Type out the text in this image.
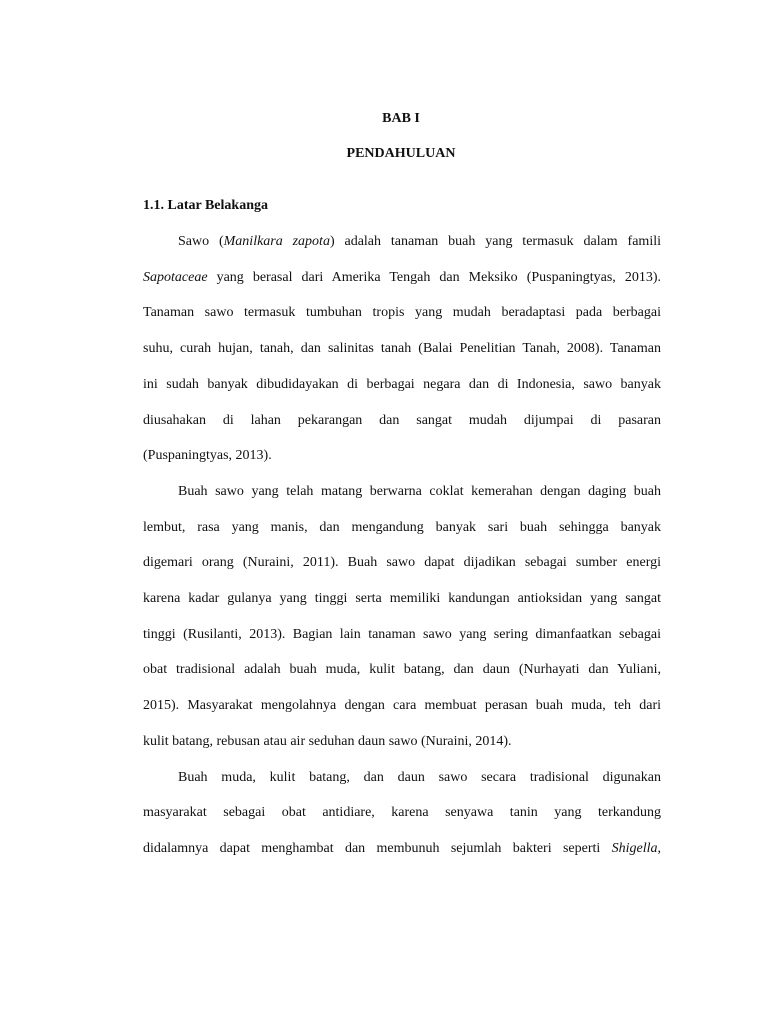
BAB I
PENDAHULUAN
1.1. Latar Belakanga
Sawo (Manilkara zapota) adalah tanaman buah yang termasuk dalam famili
Sapotaceae yang berasal dari Amerika Tengah dan Meksiko (Puspaningtyas, 2013).
Tanaman sawo termasuk tumbuhan tropis yang mudah beradaptasi pada berbagai
suhu, curah hujan, tanah, dan salinitas tanah (Balai Penelitian Tanah, 2008). Tanaman
ini sudah banyak dibudidayakan di berbagai negara dan di Indonesia, sawo banyak
diusahakan di lahan pekarangan dan sangat mudah dijumpai di pasaran
(Puspaningtyas, 2013).
Buah sawo yang telah matang berwarna coklat kemerahan dengan daging buah
lembut, rasa yang manis, dan mengandung banyak sari buah sehingga banyak
digemari orang (Nuraini, 2011). Buah sawo dapat dijadikan sebagai sumber energi
karena kadar gulanya yang tinggi serta memiliki kandungan antioksidan yang sangat
tinggi (Rusilanti, 2013). Bagian lain tanaman sawo yang sering dimanfaatkan sebagai
obat tradisional adalah buah muda, kulit batang, dan daun (Nurhayati dan Yuliani,
2015). Masyarakat mengolahnya dengan cara membuat perasan buah muda, teh dari
kulit batang, rebusan atau air seduhan daun sawo (Nuraini, 2014).
Buah muda, kulit batang, dan daun sawo secara tradisional digunakan
masyarakat sebagai obat antidiare, karena senyawa tanin yang terkandung
didalamnya dapat menghambat dan membunuh sejumlah bakteri seperti Shigella,
